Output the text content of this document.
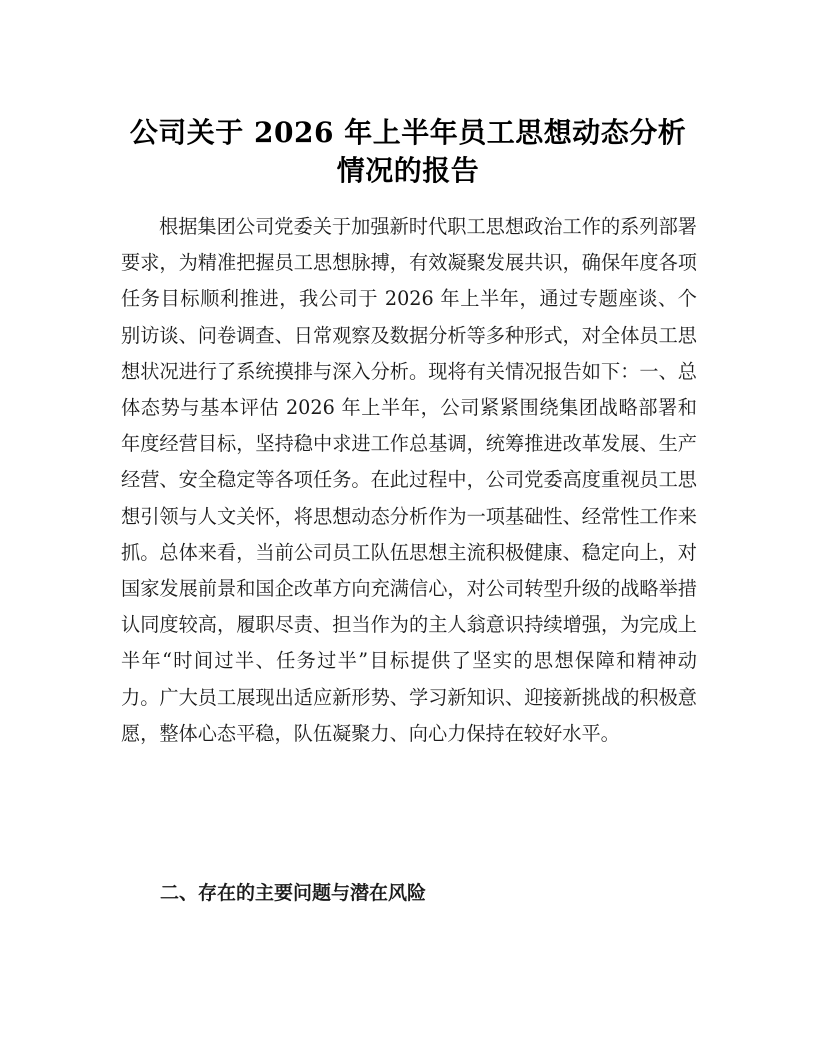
公司关于 2026 年上半年员工思想动态分析情况的报告

根据集团公司党委关于加强新时代职工思想政治工作的系列部署要求，为精准把握员工思想脉搏，有效凝聚发展共识，确保年度各项任务目标顺利推进，我公司于 2026 年上半年，通过专题座谈、个别访谈、问卷调查、日常观察及数据分析等多种形式，对全体员工思想状况进行了系统摸排与深入分析。现将有关情况报告如下：一、总体态势与基本评估 2026 年上半年，公司紧紧围绕集团战略部署和年度经营目标，坚持稳中求进工作总基调，统筹推进改革发展、生产经营、安全稳定等各项任务。在此过程中，公司党委高度重视员工思想引领与人文关怀，将思想动态分析作为一项基础性、经常性工作来抓。总体来看，当前公司员工队伍思想主流积极健康、稳定向上，对国家发展前景和国企改革方向充满信心，对公司转型升级的战略举措认同度较高，履职尽责、担当作为的主人翁意识持续增强，为完成上半年“时间过半、任务过半”目标提供了坚实的思想保障和精神动力。广大员工展现出适应新形势、学习新知识、迎接新挑战的积极意愿，整体心态平稳，队伍凝聚力、向心力保持在较好水平。

二、存在的主要问题与潜在风险
